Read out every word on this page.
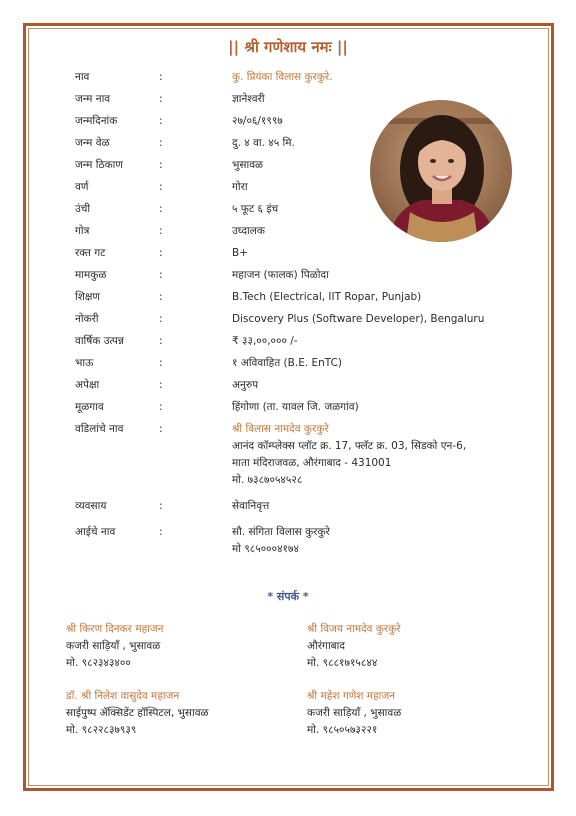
|| श्री गणेशाय नमः ||
नाव	:	कु. प्रियंका विलास कुरकुरे.
जन्म नाव	:	ज्ञानेश्वरी
जन्मदिनांक	:	२७/०६/१९९७
जन्म वेळ	:	दु. ४ वा. ४५ मि.
जन्म ठिकाण	:	भुसावळ
वर्ण	:	गोरा
उंची	:	५ फूट ६ इंच
गोत्र	:	उघ्दालक
रक्त गट	:	B+
मामकुळ	:	महाजन (फालक) पिळोदा
शिक्षण	:	B.Tech (Electrical, IIT Ropar, Punjab)
नोकरी	:	Discovery Plus (Software Developer), Bengaluru
वार्षिक उत्पन्न	:	₹ ३३,००,००० /-
भाऊ	:	१ अविवाहित (B.E. EnTC)
अपेक्षा	:	अनुरुप
मूळगाव	:	हिंगोणा (ता. यावल जि. जळगांव)
वडिलांचे नाव	:	श्री विलास नामदेव कुरकुरे
आनंद कॉम्प्लेक्स प्लॉट क्र. 17, फ्लॅट क्र. 03, सिडको एन-6,
माता मंदिराजवळ, औरंगाबाद - 431001
मो. ७३८७०५४५२८
व्यवसाय	:	सेवानिवृत्त
आईचे नाव	:	सौ. संगिता विलास कुरकुरे
मो ९८५०००४१७४
* संपर्क *
श्री किरण दिनकर महाजन
कजरी साड़ियाँ , भुसावळ
मो. ९८२३४३४००
श्री विजय नामदेव कुरकुरे
औरंगाबाद
मो. ९८८१७१५८४४
डॉ. श्री निलेश वासुदेव महाजन
साईपुष्प ॲक्सिडेंट हॉस्पिटल, भुसावळ
मो. ९८२२८३७९३९
श्री महेश गणेश महाजन
कजरी साड़ियाँ , भुसावळ
मो. ९८५०५७३२२१
